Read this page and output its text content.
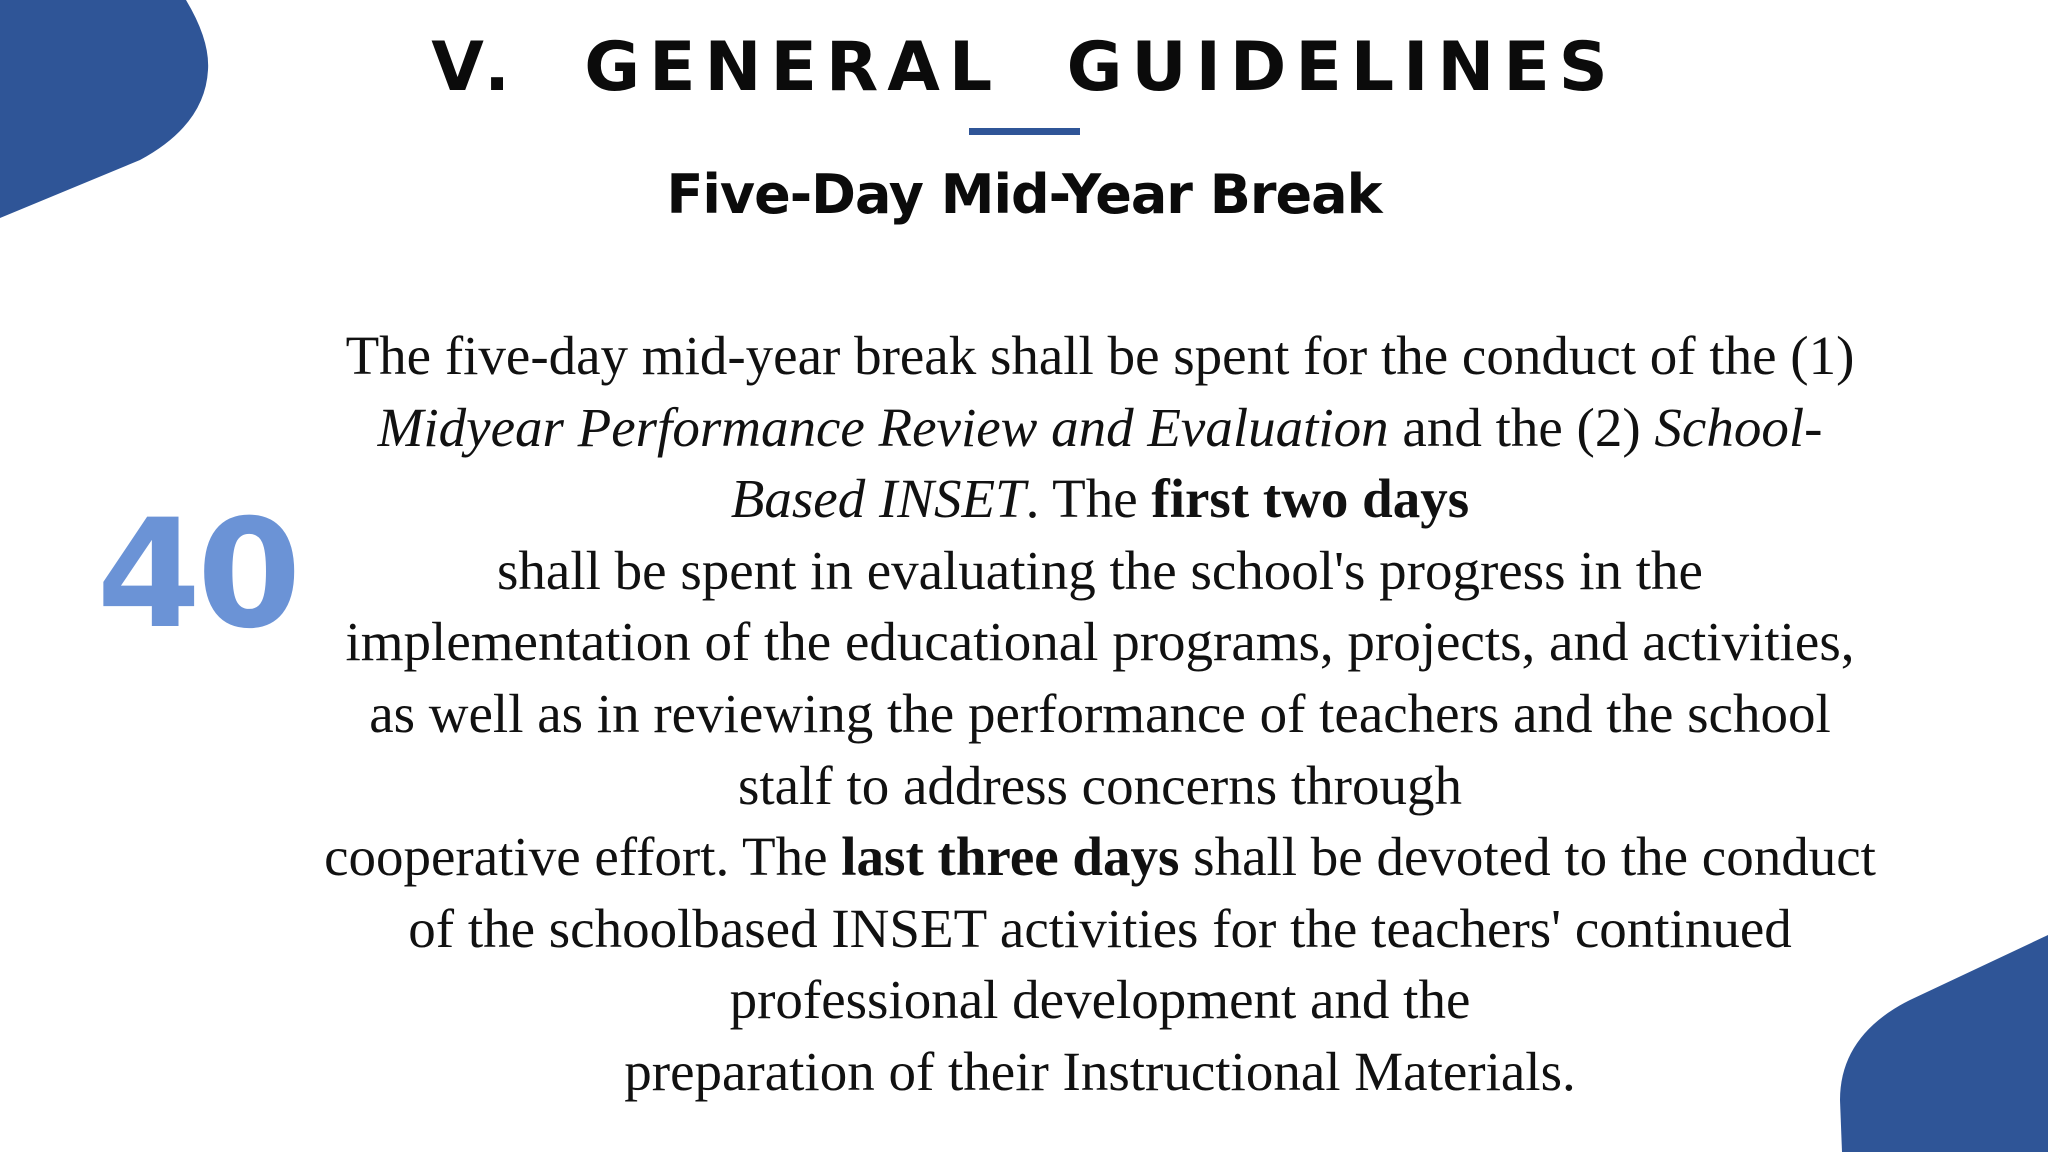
V.  GENERAL  GUIDELINES
Five-Day Mid-Year Break
40
The five-day mid-year break shall be spent for the conduct of the (1) Midyear Performance Review and Evaluation and the (2) School-Based INSET. The first two days
shall be spent in evaluating the school's progress in the implementation of the educational programs, projects, and activities, as well as in reviewing the performance of teachers and the school stalf to address concerns through
cooperative effort. The last three days shall be devoted to the conduct of the schoolbased INSET activities for the teachers' continued professional development and the
preparation of their Instructional Materials.
